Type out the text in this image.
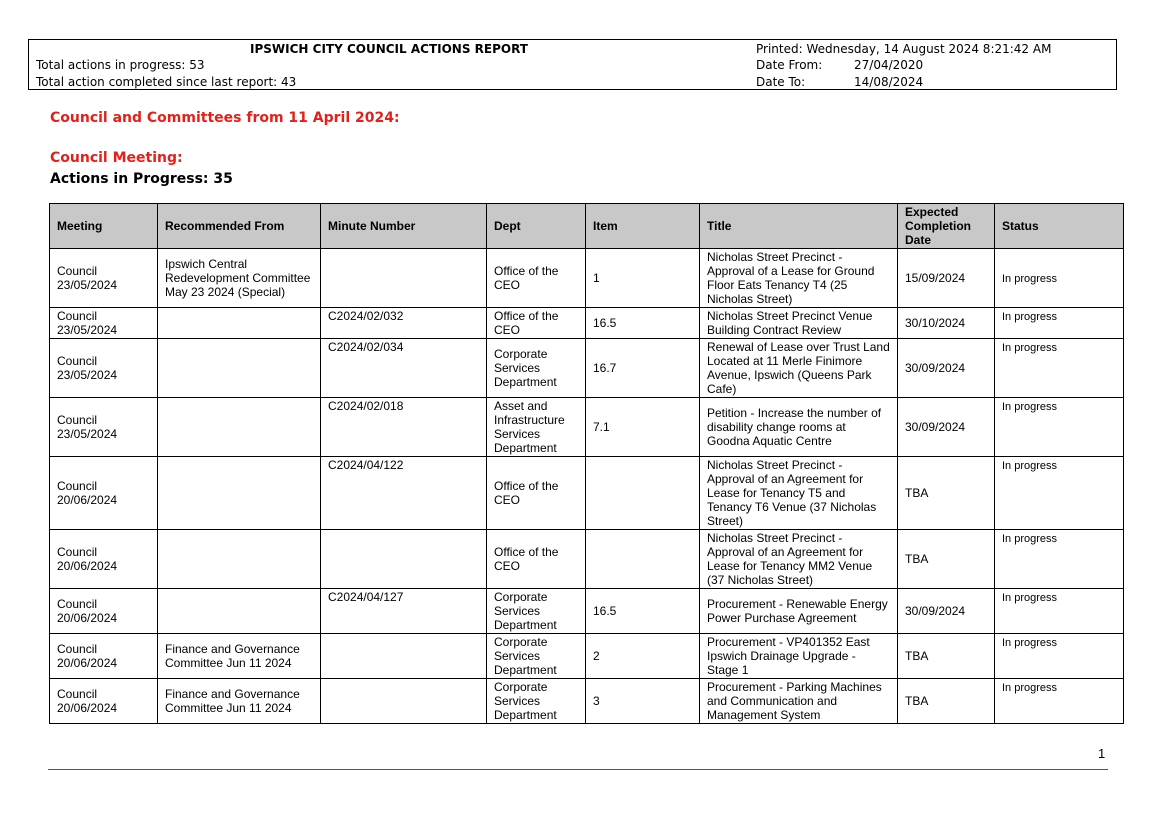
IPSWICH CITY COUNCIL ACTIONS REPORT
Total actions in progress: 53
Total action completed since last report: 43
Printed: Wednesday, 14 August 2024 8:21:42 AM
Date From:	27/04/2020
Date To:	14/08/2024
Council and Committees from 11 April 2024:
Council Meeting:
Actions in Progress: 35
Meeting	Recommended From	Minute Number	Dept	Item	Title	Expected Completion Date	Status
Council 23/05/2024	Ipswich Central Redevelopment Committee May 23 2024 (Special)		Office of the CEO	1	Nicholas Street Precinct - Approval of a Lease for Ground Floor Eats Tenancy T4 (25 Nicholas Street)	15/09/2024	In progress
Council 23/05/2024		C2024/02/032	Office of the CEO	16.5	Nicholas Street Precinct Venue Building Contract Review	30/10/2024	In progress
Council 23/05/2024		C2024/02/034	Corporate Services Department	16.7	Renewal of Lease over Trust Land Located at 11 Merle Finimore Avenue, Ipswich (Queens Park Cafe)	30/09/2024	In progress
Council 23/05/2024		C2024/02/018	Asset and Infrastructure Services Department	7.1	Petition - Increase the number of disability change rooms at Goodna Aquatic Centre	30/09/2024	In progress
Council 20/06/2024		C2024/04/122	Office of the CEO		Nicholas Street Precinct - Approval of an Agreement for Lease for Tenancy T5 and Tenancy T6 Venue (37 Nicholas Street)	TBA	In progress
Council 20/06/2024			Office of the CEO		Nicholas Street Precinct - Approval of an Agreement for Lease for Tenancy MM2 Venue (37 Nicholas Street)	TBA	In progress
Council 20/06/2024		C2024/04/127	Corporate Services Department	16.5	Procurement - Renewable Energy Power Purchase Agreement	30/09/2024	In progress
Council 20/06/2024	Finance and Governance Committee Jun 11 2024		Corporate Services Department	2	Procurement - VP401352 East Ipswich Drainage Upgrade - Stage 1	TBA	In progress
Council 20/06/2024	Finance and Governance Committee Jun 11 2024		Corporate Services Department	3	Procurement - Parking Machines and Communication and Management System	TBA	In progress
1
